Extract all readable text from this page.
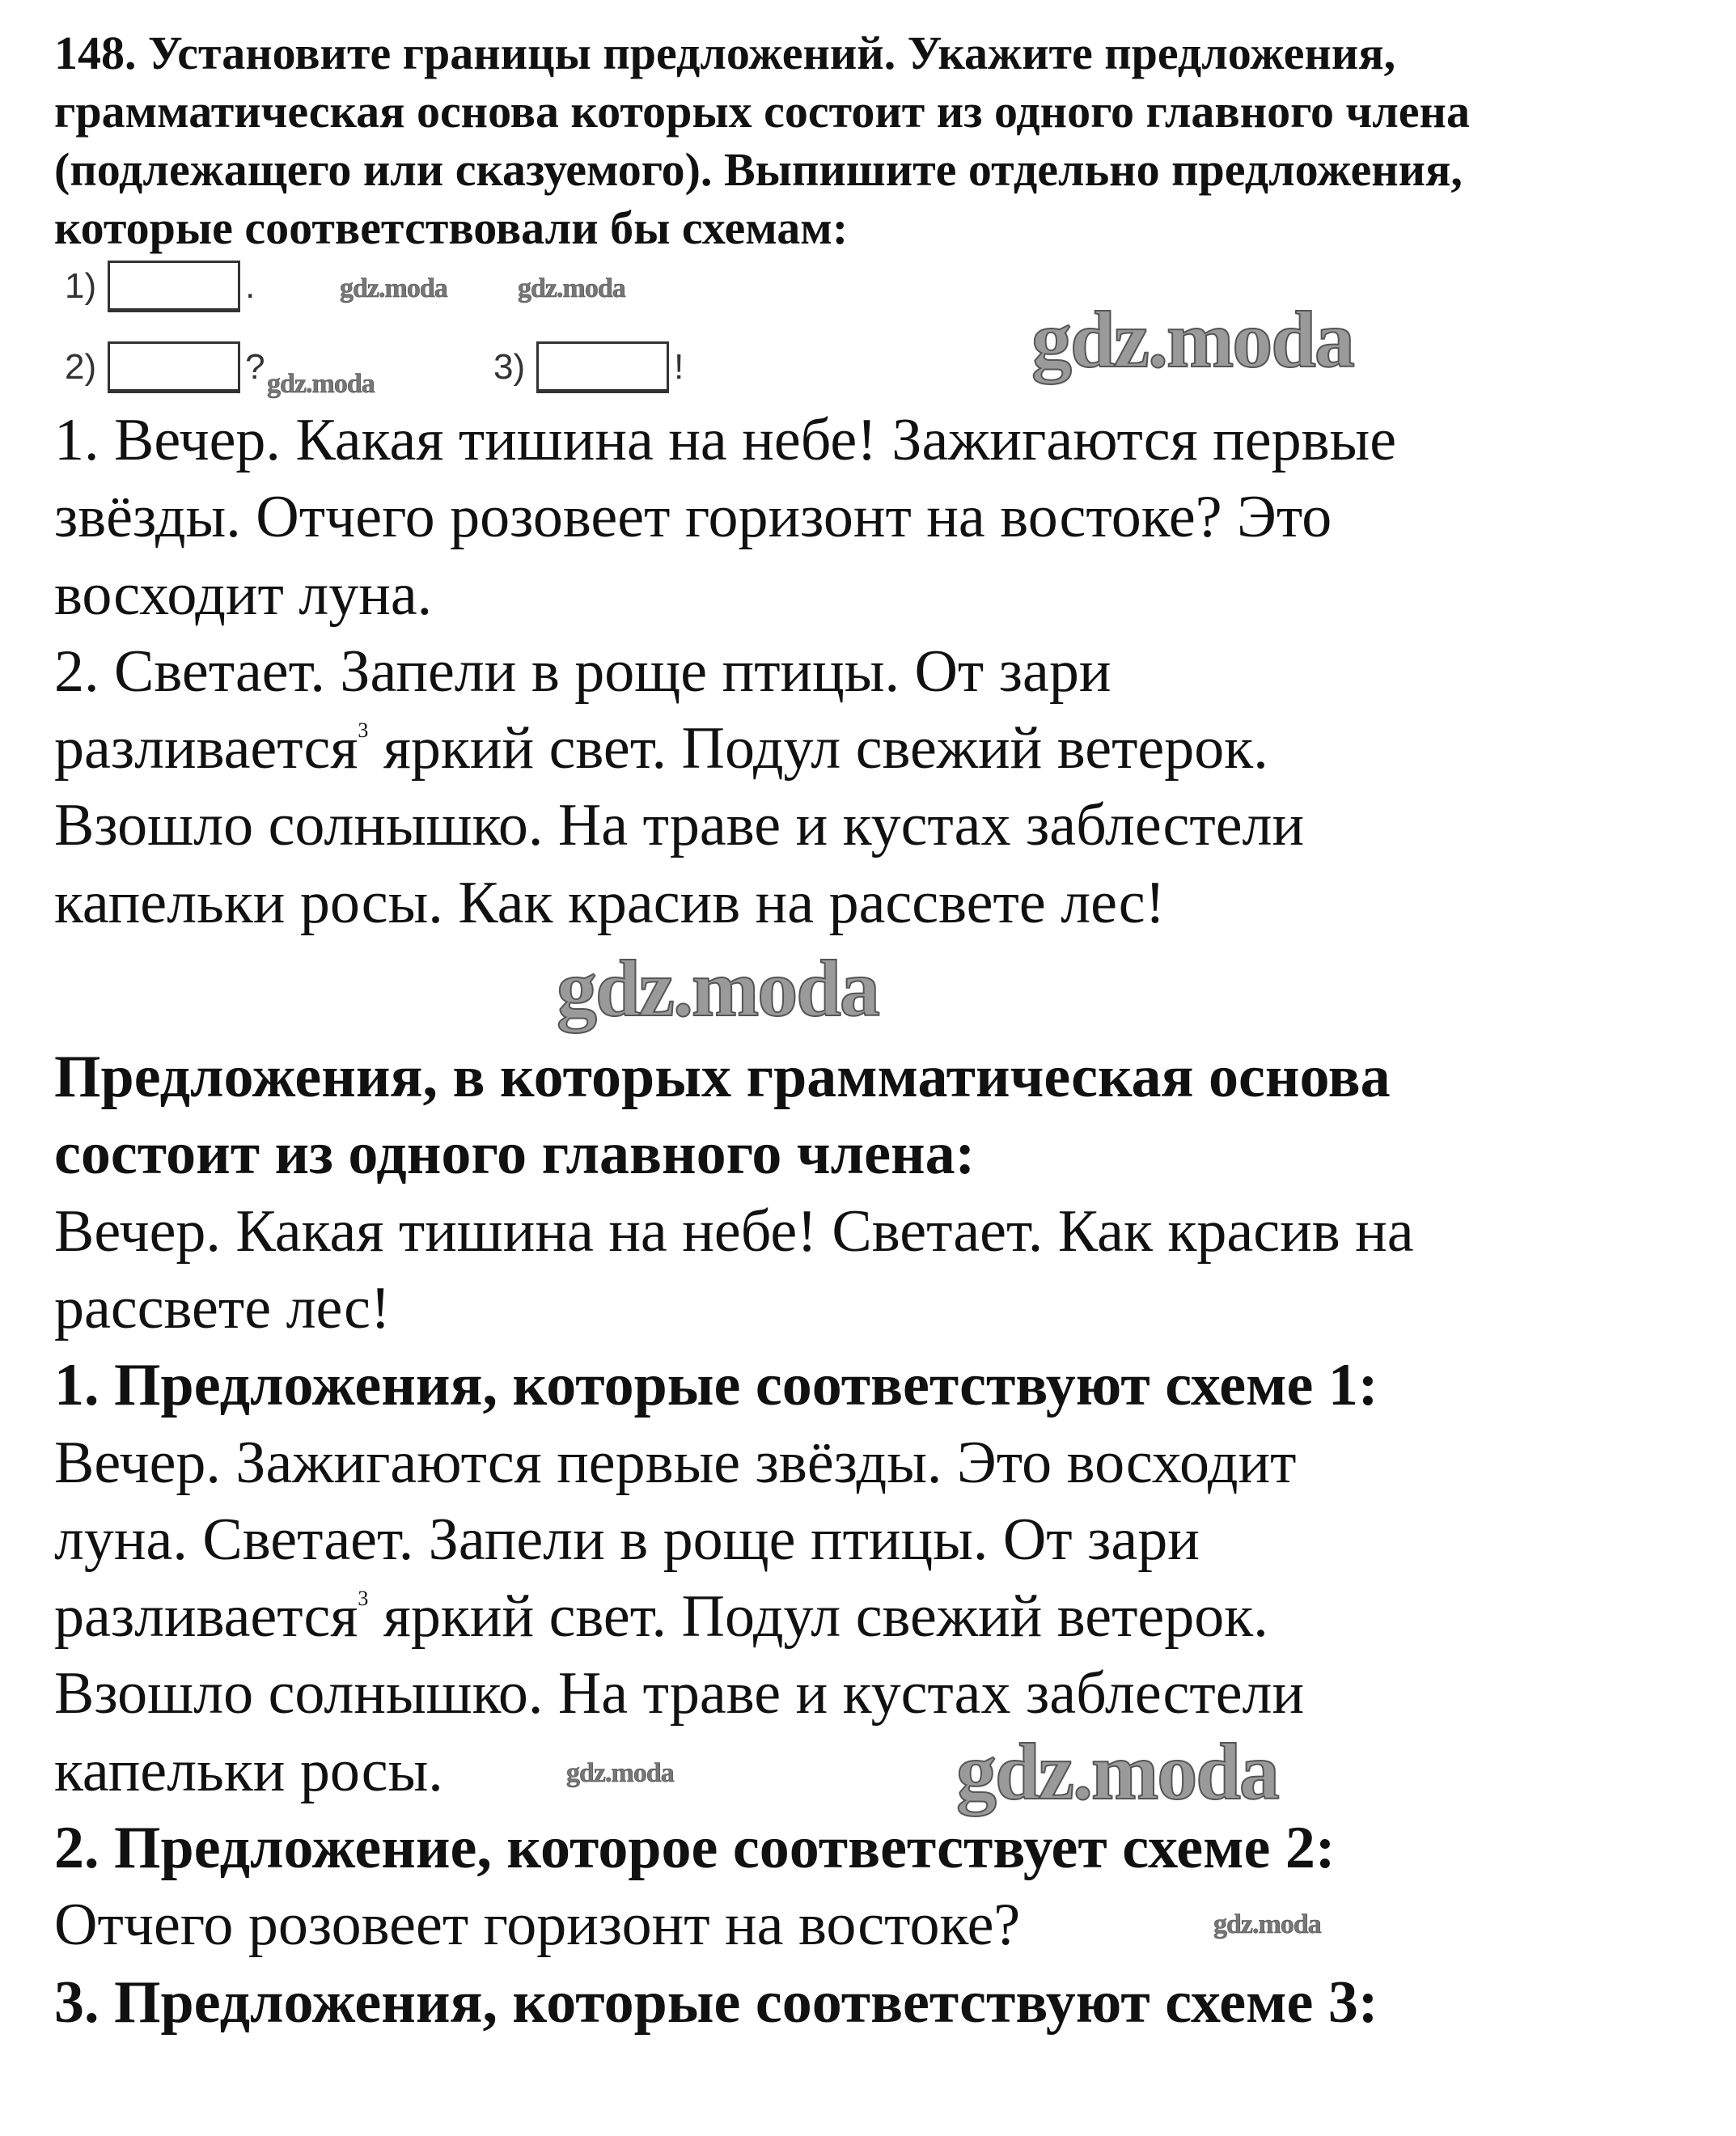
148. Установите границы предложений. Укажите предложения,
грамматическая основа которых состоит из одного главного члена
(подлежащего или сказуемого). Выпишите отдельно предложения,
которые соответствовали бы схемам:
1)	.
2)	?	3)	!
1. Вечер. Какая тишина на небе! Зажигаются первые
звёзды. Отчего розовеет горизонт на востоке? Это
восходит луна.
2. Светает. Запели в роще птицы. От зари
разливается$^3$ яркий свет. Подул свежий ветерок.
Взошло солнышко. На траве и кустах заблестели
капельки росы. Как красив на рассвете лес!
Предложения, в которых грамматическая основа
состоит из одного главного члена:
Вечер. Какая тишина на небе! Светает. Как красив на
рассвете лес!
1. Предложения, которые соответствуют схеме 1:
Вечер. Зажигаются первые звёзды. Это восходит
луна. Светает. Запели в роще птицы. От зари
разливается$^3$ яркий свет. Подул свежий ветерок.
Взошло солнышко. На траве и кустах заблестели
капельки росы.
2. Предложение, которое соответствует схеме 2:
Отчего розовеет горизонт на востоке?
3. Предложения, которые соответствуют схеме 3:
gdz.moda
gdz.moda
gdz.moda
gdz.moda	gdz.moda
gdz.moda
gdz.moda
gdz.moda
